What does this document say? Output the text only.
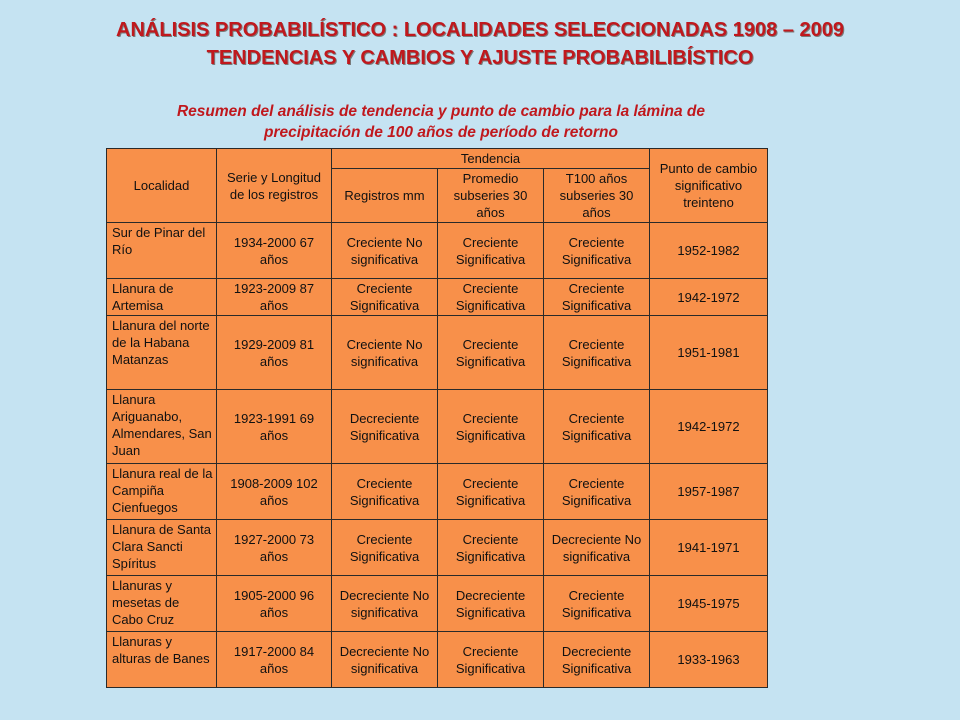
ANÁLISIS PROBABILÍSTICO : LOCALIDADES SELECCIONADAS 1908 – 2009
TENDENCIAS Y CAMBIOS Y AJUSTE PROBABILIBÍSTICO
Resumen del análisis de tendencia y punto de cambio para la lámina de
precipitación de 100 años de período de retorno
Localidad	Serie y Longitud de los registros	Tendencia			Punto de cambio significativo treinteno
		Registros mm	Promedio subseries 30 años	T100 años subseries 30 años	
Sur de Pinar del Río	1934-2000 67 años	Creciente No significativa	Creciente Significativa	Creciente Significativa	1952-1982
Llanura de Artemisa	1923-2009 87 años	Creciente Significativa	Creciente Significativa	Creciente Significativa	1942-1972
Llanura del norte de la Habana Matanzas	1929-2009 81 años	Creciente No significativa	Creciente Significativa	Creciente Significativa	1951-1981
Llanura Ariguanabo, Almendares, San Juan	1923-1991 69 años	Decreciente Significativa	Creciente Significativa	Creciente Significativa	1942-1972
Llanura real de la Campiña Cienfuegos	1908-2009 102 años	Creciente Significativa	Creciente Significativa	Creciente Significativa	1957-1987
Llanura de Santa Clara Sancti Spíritus	1927-2000 73 años	Creciente Significativa	Creciente Significativa	Decreciente No significativa	1941-1971
Llanuras y mesetas de Cabo Cruz	1905-2000 96 años	Decreciente No significativa	Decreciente Significativa	Creciente Significativa	1945-1975
Llanuras y alturas de Banes	1917-2000 84 años	Decreciente No significativa	Creciente Significativa	Decreciente Significativa	1933-1963
